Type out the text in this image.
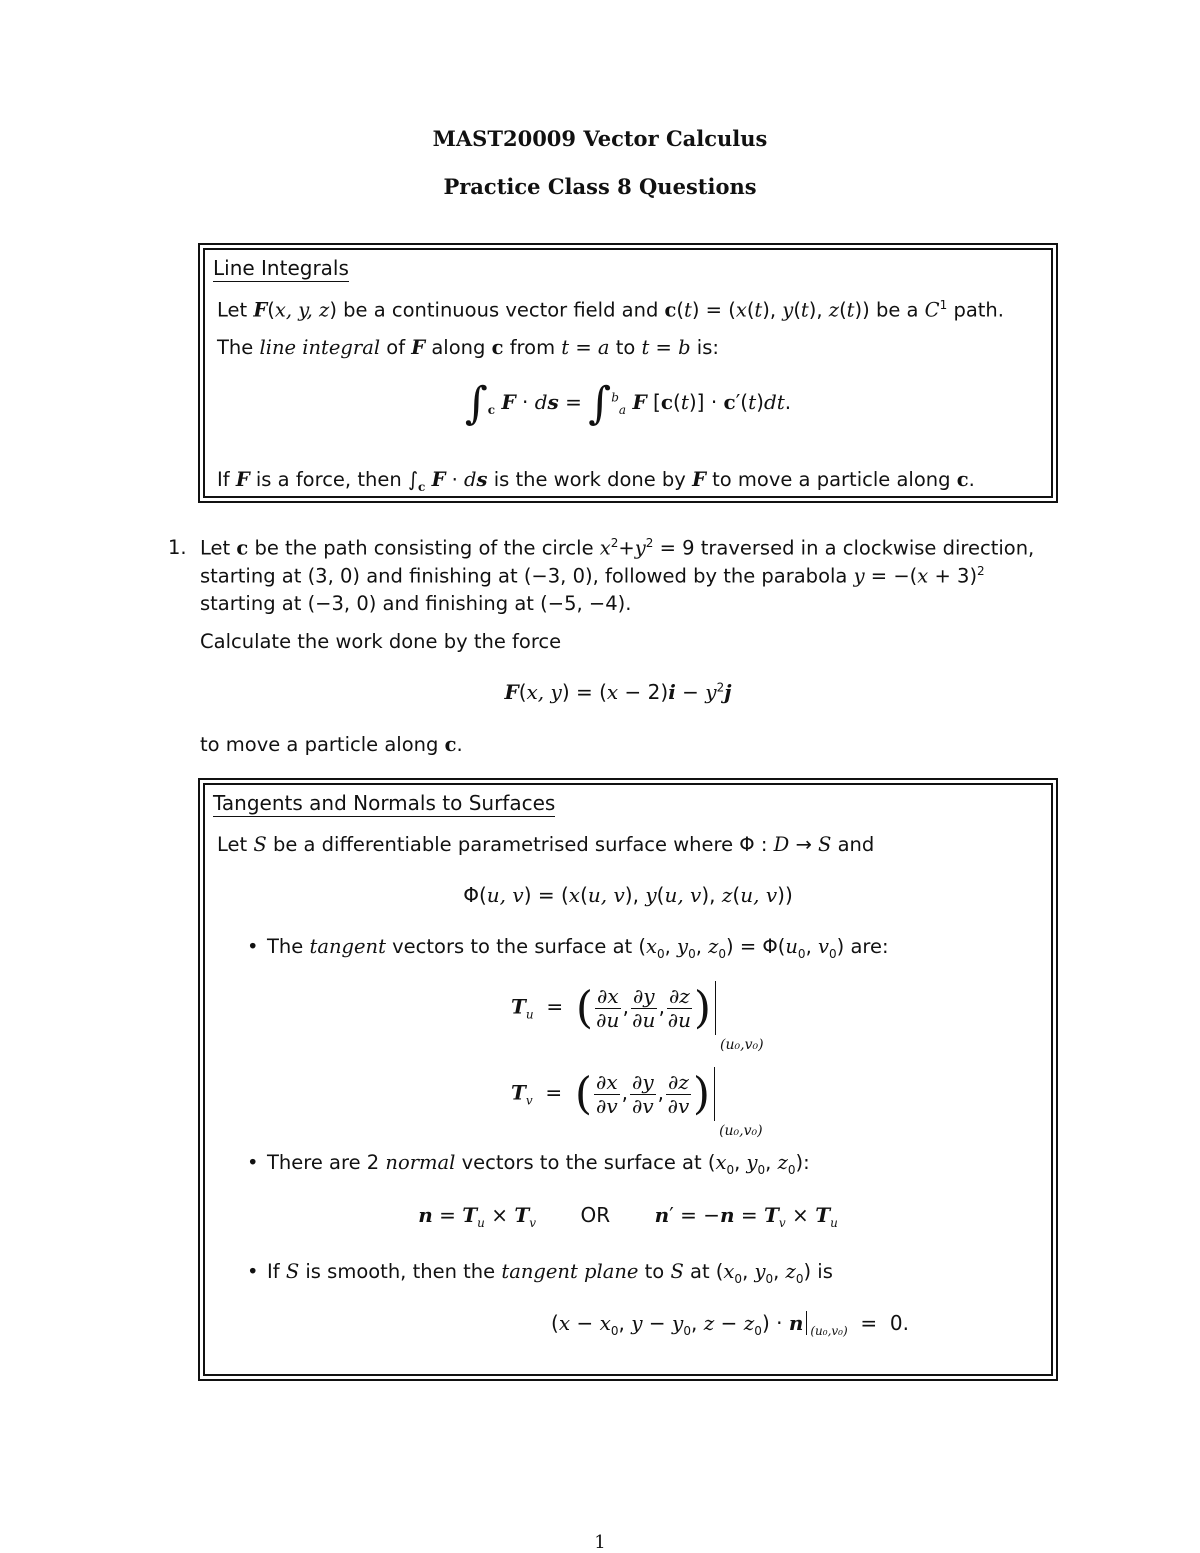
MAST20009 Vector Calculus
Practice Class 8 Questions
Line Integrals
Let F(x, y, z) be a continuous vector field and c(t) = (x(t), y(t), z(t)) be a $C^1$ path.
The line integral of F along c from t = a to t = b is:
$\int_c$ F · ds = ∫$^b_a$ F [c(t)] · c′(t)dt.
If F is a force, then $\int_c$ F · ds is the work done by F to move a particle along c.
1. Let c be the path consisting of the circle $x^2+y^2 = 9$ traversed in a clockwise direction,
starting at (3, 0) and finishing at (−3, 0), followed by the parabola $y = -(x + 3)^2$
starting at (−3, 0) and finishing at (−5, −4).
Calculate the work done by the force
F(x, $y) = (x - 2)i - y^2j$
to move a particle along c.
Tangents and Normals to Surfaces
Let S be a differentiable parametrised surface where Φ : D → S and
Φ(u, v) = (x(u, v), y(u, v), z(u, v))
• The tangent vectors to the surface at ($x_0$, $y_0$, $z_0) = \Phi(u_0$, $v_0$) are:
$T_u$  =  ( $\frac{\partial x}{\partial u}$ , $\frac{\partial y}{\partial u}$ , $\frac{\partial z}{\partial u}$ )
(u₀,v₀)
$T_v$  =  ( $\frac{\partial x}{\partial v}$ , $\frac{\partial y}{\partial v}$ , $\frac{\partial z}{\partial v}$ )
(u₀,v₀)
• There are 2 normal vectors to the surface at ($x_0$, $y_0$, $z_0$):
$n = T_u \times T_v$ OR $n' = -n = T_v \times T_u$
• If S is smooth, then the tangent plane to S at ($x_0$, $y_0$, $z_0$) is
($x - x_0$, $y - y_0$, $z - z_0) \cdot n$ $_{(u_0,v_0)}$  =  0.
1
